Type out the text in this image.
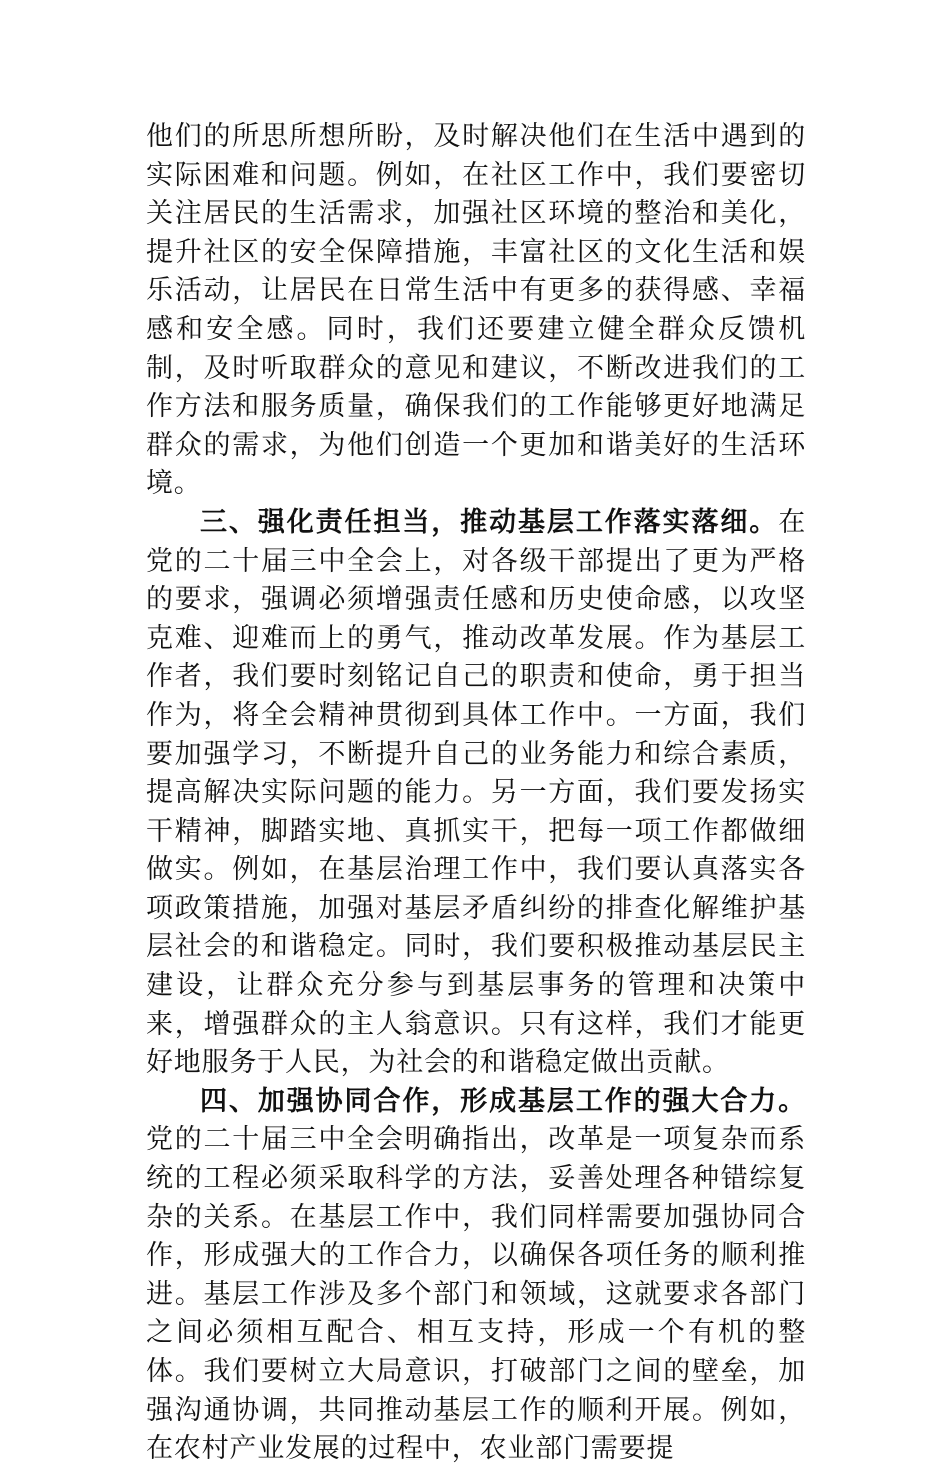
他们的所思所想所盼，及时解决他们在生活中遇到的实际困难和问题。例如，在社区工作中，我们要密切关注居民的生活需求，加强社区环境的整治和美化，提升社区的安全保障措施，丰富社区的文化生活和娱乐活动，让居民在日常生活中有更多的获得感、幸福感和安全感。同时，我们还要建立健全群众反馈机制，及时听取群众的意见和建议，不断改进我们的工作方法和服务质量，确保我们的工作能够更好地满足群众的需求，为他们创造一个更加和谐美好的生活环境。

三、强化责任担当，推动基层工作落实落细。在党的二十届三中全会上，对各级干部提出了更为严格的要求，强调必须增强责任感和历史使命感，以攻坚克难、迎难而上的勇气，推动改革发展。作为基层工作者，我们要时刻铭记自己的职责和使命，勇于担当作为，将全会精神贯彻到具体工作中。一方面，我们要加强学习，不断提升自己的业务能力和综合素质，提高解决实际问题的能力。另一方面，我们要发扬实干精神，脚踏实地、真抓实干，把每一项工作都做细做实。例如，在基层治理工作中，我们要认真落实各项政策措施，加强对基层矛盾纠纷的排查化解维护基层社会的和谐稳定。同时，我们要积极推动基层民主建设，让群众充分参与到基层事务的管理和决策中来，增强群众的主人翁意识。只有这样，我们才能更好地服务于人民，为社会的和谐稳定做出贡献。

四、加强协同合作，形成基层工作的强大合力。党的二十届三中全会明确指出，改革是一项复杂而系统的工程必须采取科学的方法，妥善处理各种错综复杂的关系。在基层工作中，我们同样需要加强协同合作，形成强大的工作合力，以确保各项任务的顺利推进。基层工作涉及多个部门和领域，这就要求各部门之间必须相互配合、相互支持，形成一个有机的整体。我们要树立大局意识，打破部门之间的壁垒，加强沟通协调，共同推动基层工作的顺利开展。例如，在农村产业发展的过程中，农业部门需要提
